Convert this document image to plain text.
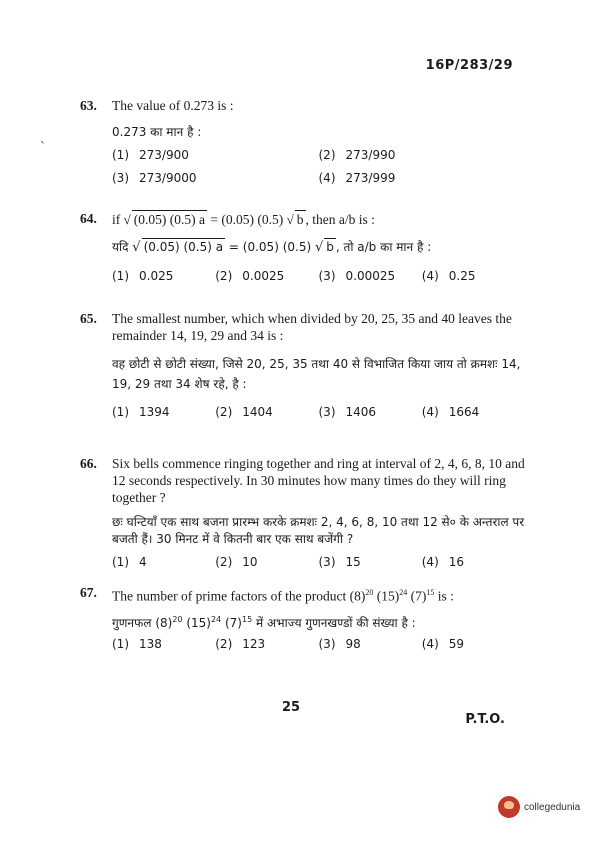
16P/283/29
`
63. The value of 0.273 is :
0.273 का मान है :
(1) 273/900	(2) 273/990
(3) 273/9000	(4) 273/999
64. if √ (0.05) (0.5) a = (0.05) (0.5) √ b , then a/b is :
यदि √ (0.05) (0.5) a = (0.05) (0.5) √ b , तो a/b का मान है :
(1) 0.025	(2) 0.0025	(3) 0.00025	(4) 0.25
65. The smallest number, which when divided by 20, 25, 35 and 40 leaves the remainder 14, 19, 29 and 34 is :
वह छोटी से छोटी संख्या, जिसे 20, 25, 35 तथा 40 से विभाजित किया जाय तो क्रमशः 14, 19, 29 तथा 34 शेष रहे, है :
(1) 1394	(2) 1404	(3) 1406	(4) 1664
66. Six bells commence ringing together and ring at interval of 2, 4, 6, 8, 10 and 12 seconds respectively. In 30 minutes how many times do they will ring together ?
छः घन्टियाँ एक साथ बजना प्रारम्भ करके क्रमशः 2, 4, 6, 8, 10 तथा 12 से० के अन्तराल पर बजती हैं। 30 मिनट में वे कितनी बार एक साथ बजेंगी ?
(1) 4	(2) 10	(3) 15	(4) 16
67. The number of prime factors of the product $(8)^{20}$ $(15)^{24}$ $(7)^{15}$ is :
गुणनफल $(8)^{20}$ $(15)^{24}$ $(7)^{15}$ में अभाज्य गुणनखण्डों की संख्या है :
(1) 138	(2) 123	(3) 98	(4) 59
25
P.T.O.
collegedunia
